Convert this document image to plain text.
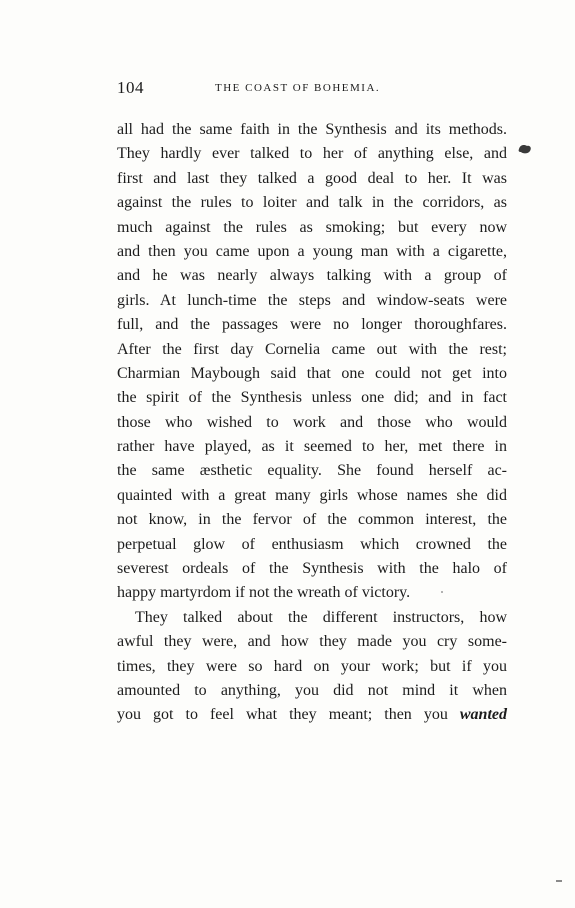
104	THE COAST OF BOHEMIA.
all had the same faith in the Synthesis and its methods.
They hardly ever talked to her of anything else, and
first and last they talked a good deal to her. It was
against the rules to loiter and talk in the corridors, as
much against the rules as smoking; but every now
and then you came upon a young man with a cigarette,
and he was nearly always talking with a group of
girls. At lunch-time the steps and window-seats were
full, and the passages were no longer thoroughfares.
After the first day Cornelia came out with the rest;
Charmian Maybough said that one could not get into
the spirit of the Synthesis unless one did; and in fact
those who wished to work and those who would
rather have played, as it seemed to her, met there in
the same æsthetic equality. She found herself ac-
quainted with a great many girls whose names she did
not know, in the fervor of the common interest, the
perpetual glow of enthusiasm which crowned the
severest ordeals of the Synthesis with the halo of
happy martyrdom if not the wreath of victory.
They talked about the different instructors, how
awful they were, and how they made you cry some-
times, they were so hard on your work; but if you
amounted to anything, you did not mind it when
you got to feel what they meant; then you wanted
